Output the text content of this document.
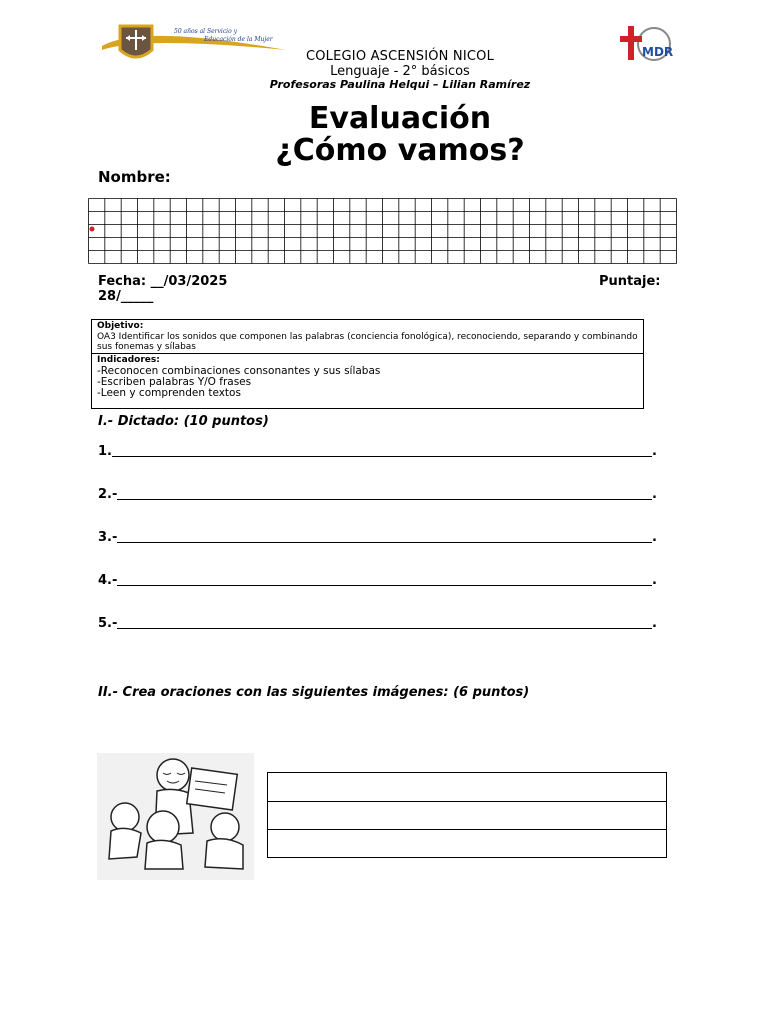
50 años al Servicio y
Educación de la Mujer
MDR
COLEGIO ASCENSIÓN NICOL
Lenguaje - 2° básicos
Profesoras Paulina Helqui – Lilian Ramírez
Evaluación
¿Cómo vamos?
Nombre:
Fecha: __/03/2025	Puntaje:
28/_____
Objetivo:
OA3 Identificar los sonidos que componen las palabras (conciencia fonológica), reconociendo, separando y combinando sus fonemas y sílabas
Indicadores:
-Reconocen combinaciones consonantes y sus sílabas
-Escriben palabras Y/O frases
-Leen y comprenden textos
I.- Dictado: (10 puntos)
1.	.
2.-	.
3.-	.
4.-	.
5.-	.
II.- Crea oraciones con las siguientes imágenes: (6 puntos)
